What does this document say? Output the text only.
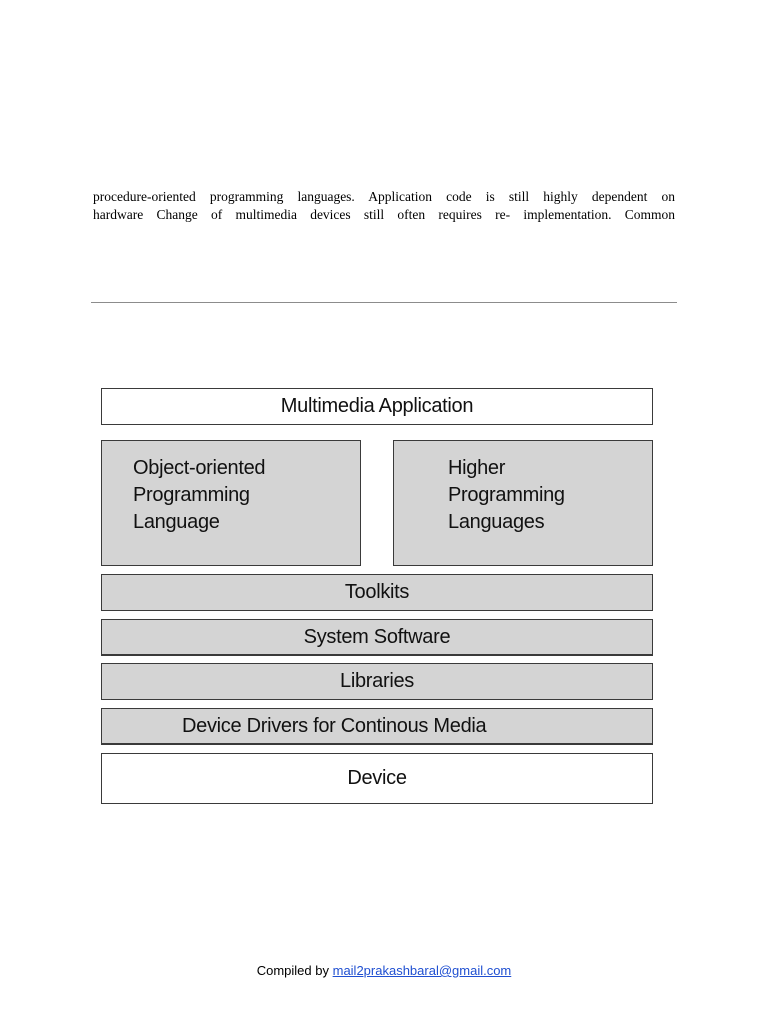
procedure-oriented programming languages. Application code is still highly dependent on
hardware Change of multimedia devices still often requires re- implementation. Common
Multimedia Application
Object-oriented
Programming
Language
Higher
Programming
Languages
Toolkits
System Software
Libraries
Device Drivers for Continous Media
Device
Compiled by mail2prakashbaral@gmail.com
